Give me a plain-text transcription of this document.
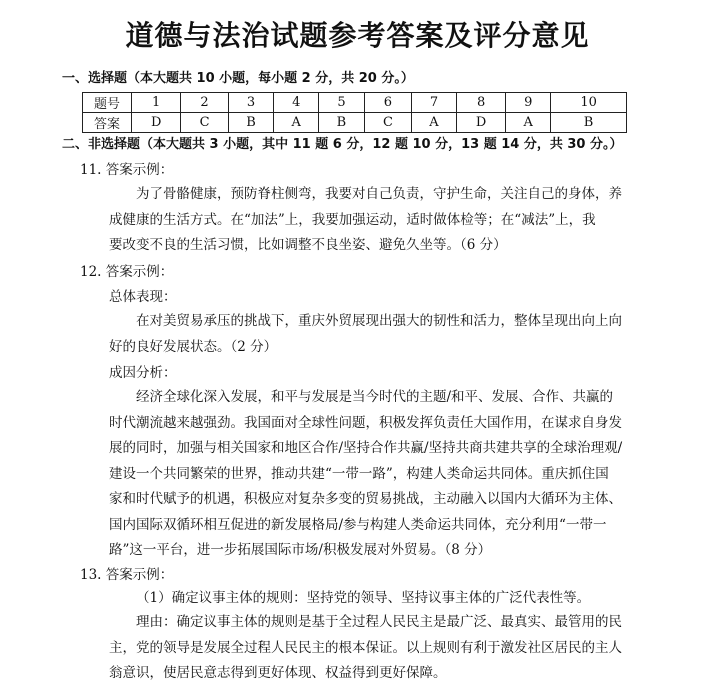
道德与法治试题参考答案及评分意见
一、选择题（本大题共 10 小题，每小题 2 分，共 20 分。）
题号	1	2	3	4	5	6	7	8	9	10
答案	D	C	B	A	B	C	A	D	A	B
二、非选择题（本大题共 3 小题，其中 11 题 6 分，12 题 10 分，13 题 14 分，共 30 分。）
11. 答案示例：
为了骨骼健康，预防脊柱侧弯，我要对自己负责，守护生命，关注自己的身体，养
成健康的生活方式。在“加法”上，我要加强运动，适时做体检等；在“减法”上，我
要改变不良的生活习惯，比如调整不良坐姿、避免久坐等。（6 分）
12. 答案示例：
总体表现：
在对美贸易承压的挑战下，重庆外贸展现出强大的韧性和活力，整体呈现出向上向
好的良好发展状态。（2 分）
成因分析：
经济全球化深入发展，和平与发展是当今时代的主题/和平、发展、合作、共赢的
时代潮流越来越强劲。我国面对全球性问题，积极发挥负责任大国作用，在谋求自身发
展的同时，加强与相关国家和地区合作/坚持合作共赢/坚持共商共建共享的全球治理观/
建设一个共同繁荣的世界，推动共建“一带一路”，构建人类命运共同体。重庆抓住国
家和时代赋予的机遇，积极应对复杂多变的贸易挑战，主动融入以国内大循环为主体、
国内国际双循环相互促进的新发展格局/参与构建人类命运共同体，充分利用“一带一
路”这一平台，进一步拓展国际市场/积极发展对外贸易。（8 分）
13. 答案示例：
（1）确定议事主体的规则：坚持党的领导、坚持议事主体的广泛代表性等。
理由：确定议事主体的规则是基于全过程人民民主是最广泛、最真实、最管用的民
主，党的领导是发展全过程人民民主的根本保证。以上规则有利于激发社区居民的主人
翁意识，使居民意志得到更好体现、权益得到更好保障。
